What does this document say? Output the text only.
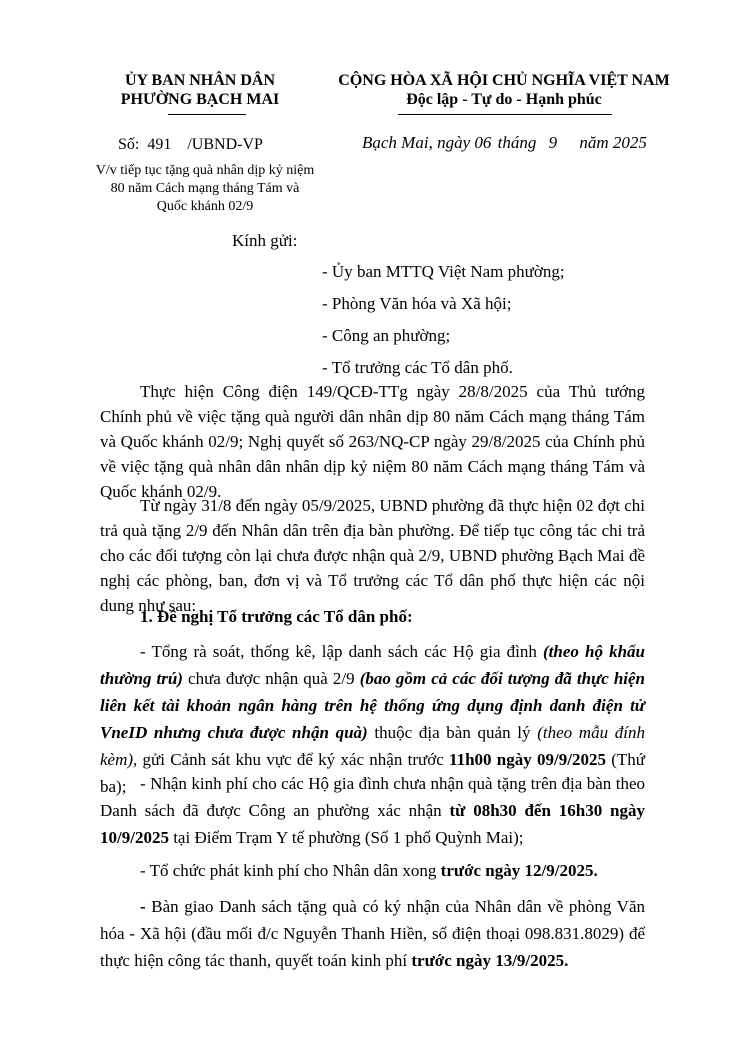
ỦY BAN NHÂN DÂN
PHƯỜNG BẠCH MAI
CỘNG HÒA XÃ HỘI CHỦ NGHĨA VIỆT NAM
Độc lập - Tự do - Hạnh phúc
Số: 491 /UBND-VP	Bạch Mai, ngày 06 tháng 9 năm 2025
V/v tiếp tục tặng quà nhân dịp kỷ niệm
80 năm Cách mạng tháng Tám và
Quốc khánh 02/9
Kính gửi:
- Ủy ban MTTQ Việt Nam phường;
- Phòng Văn hóa và Xã hội;
- Công an phường;
- Tổ trưởng các Tổ dân phố.
Thực hiện Công điện 149/QCĐ-TTg ngày 28/8/2025 của Thủ tướng Chính phủ về việc tặng quà người dân nhân dịp 80 năm Cách mạng tháng Tám và Quốc khánh 02/9; Nghị quyết số 263/NQ-CP ngày 29/8/2025 của Chính phủ về việc tặng quà nhân dân nhân dịp kỷ niệm 80 năm Cách mạng tháng Tám và Quốc khánh 02/9.
Từ ngày 31/8 đến ngày 05/9/2025, UBND phường đã thực hiện 02 đợt chi trả quà tặng 2/9 đến Nhân dân trên địa bàn phường. Để tiếp tục công tác chi trả cho các đối tượng còn lại chưa được nhận quà 2/9, UBND phường Bạch Mai đề nghị các phòng, ban, đơn vị và Tổ trưởng các Tổ dân phố thực hiện các nội dung như sau:
1. Đề nghị Tổ trưởng các Tổ dân phố:
- Tổng rà soát, thống kê, lập danh sách các Hộ gia đình (theo hộ khẩu thường trú) chưa được nhận quà 2/9 (bao gồm cả các đối tượng đã thực hiện liên kết tài khoản ngân hàng trên hệ thống ứng dụng định danh điện tử VneID nhưng chưa được nhận quà) thuộc địa bàn quản lý (theo mẫu đính kèm), gửi Cảnh sát khu vực để ký xác nhận trước 11h00 ngày 09/9/2025 (Thứ ba); - Nhận kinh phí cho các Hộ gia đình chưa nhận quà tặng trên địa bàn theo Danh sách đã được Công an phường xác nhận từ 08h30 đến 16h30 ngày 10/9/2025 tại Điểm Trạm Y tế phường (Số 1 phố Quỳnh Mai);
- Tổ chức phát kinh phí cho Nhân dân xong trước ngày 12/9/2025.
- Bàn giao Danh sách tặng quà có ký nhận của Nhân dân về phòng Văn hóa - Xã hội (đầu mối đ/c Nguyễn Thanh Hiền, số điện thoại 098.831.8029) để thực hiện công tác thanh, quyết toán kinh phí trước ngày 13/9/2025.
